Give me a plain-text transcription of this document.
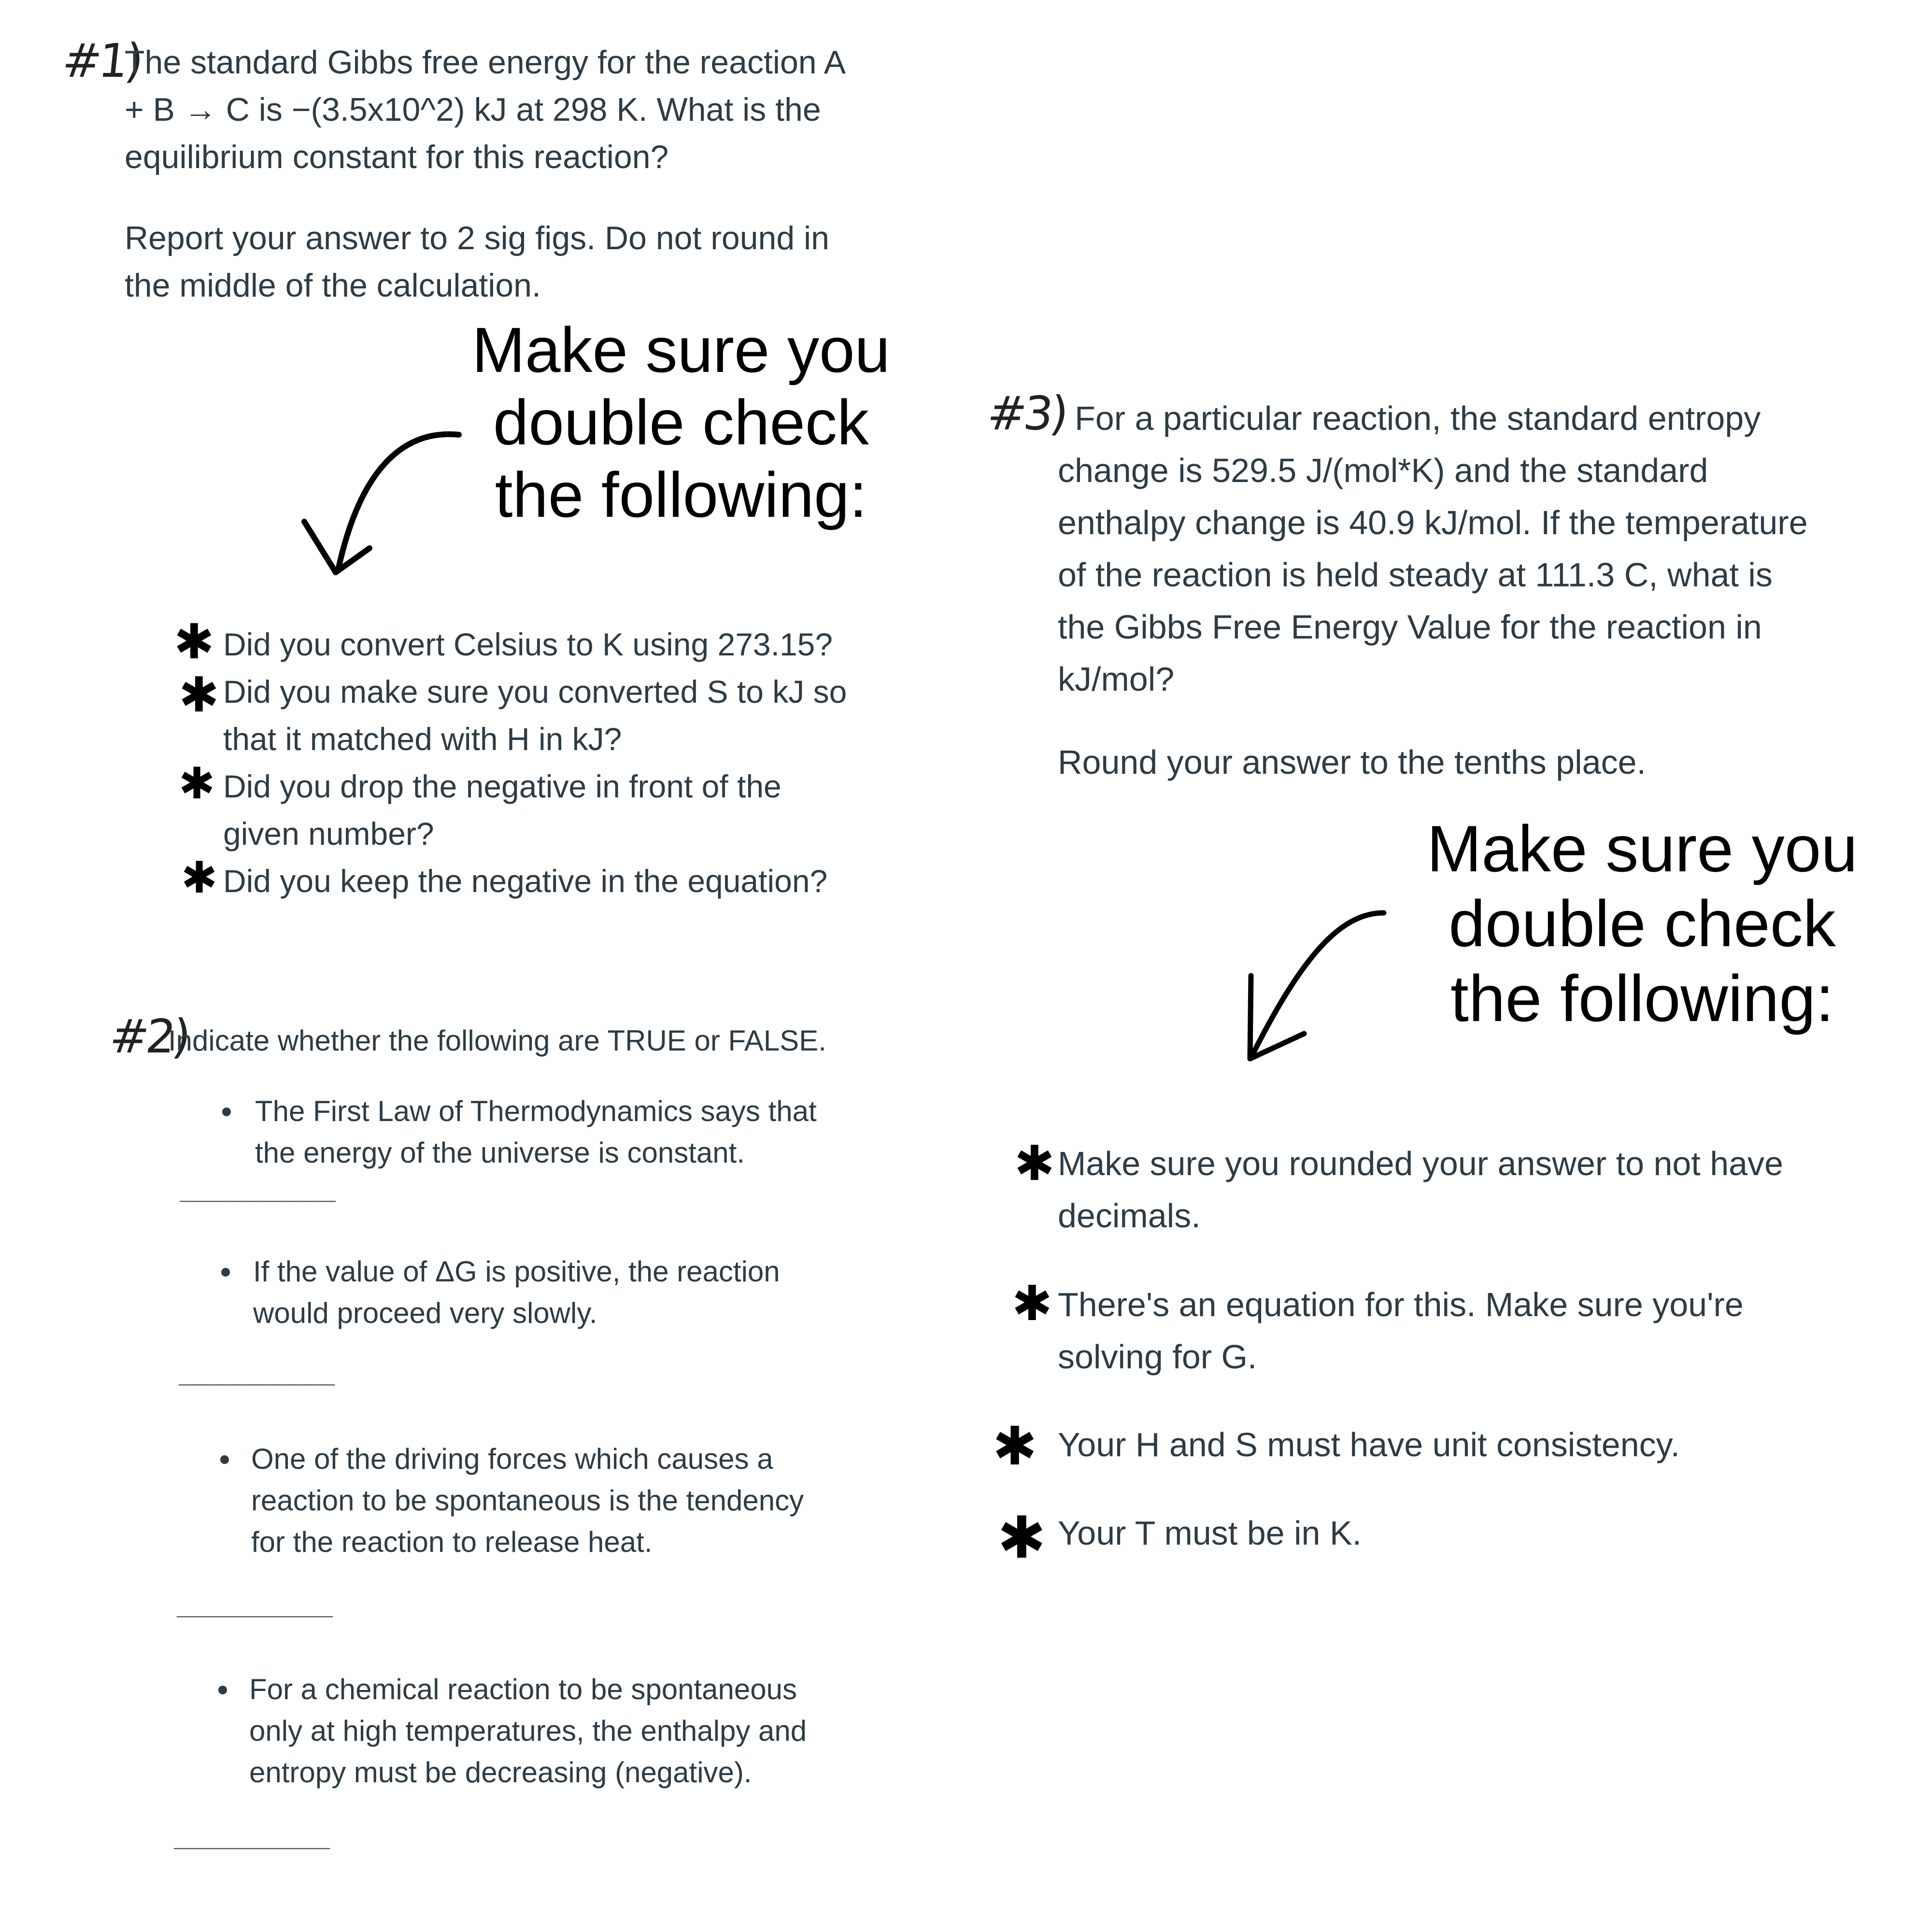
#1)

The standard Gibbs free energy for the reaction A

+ B → C is −(3.5x10^2) kJ at 298 K. What is the

equilibrium constant for this reaction?

Report your answer to 2 sig figs. Do not round in

the middle of the calculation.

Make sure you
double check
the following:
✱
✱
✱
✱
Did you convert Celsius to K using 273.15?
Did you make sure you converted S to kJ so
that it matched with H in kJ?
Did you drop the negative in front of the
given number?
Did you keep the negative in the equation?
#2)
Indicate whether the following are TRUE or FALSE.
The First Law of Thermodynamics says that
the energy of the universe is constant.
___________
If the value of ΔG is positive, the reaction
would proceed very slowly.
___________
One of the driving forces which causes a
reaction to be spontaneous is the tendency
for the reaction to release heat.
___________
For a chemical reaction to be spontaneous
only at high temperatures, the enthalpy and
entropy must be decreasing (negative).
___________
#3) For a particular reaction, the standard entropy

change is 529.5 J/(mol*K) and the standard

enthalpy change is 40.9 kJ/mol. If the temperature

of the reaction is held steady at 111.3 C, what is

the Gibbs Free Energy Value for the reaction in

kJ/mol?

Round your answer to the tenths place.

Make sure you
double check
the following:
✱
✱
✱
✱

Make sure you rounded your answer to not have

decimals.

There's an equation for this. Make sure you're

solving for G.

Your H and S must have unit consistency.

Your T must be in K.
